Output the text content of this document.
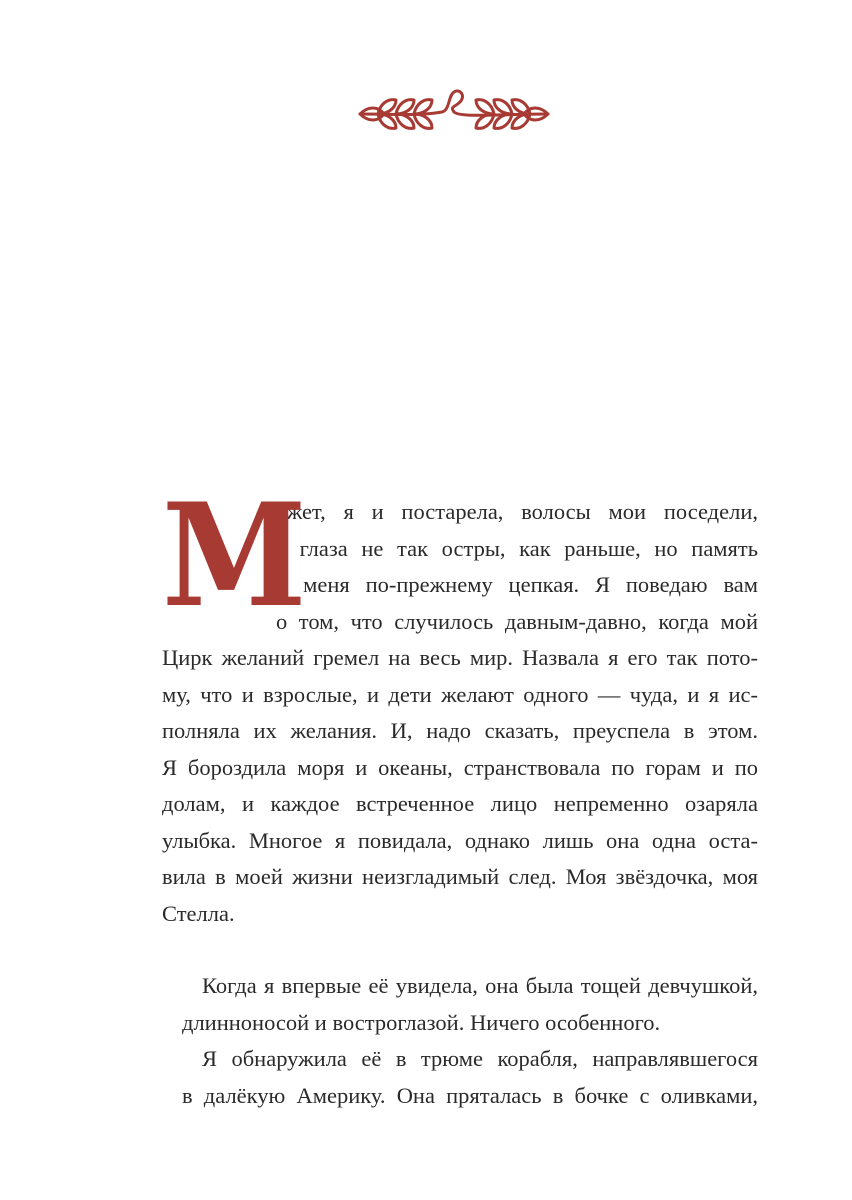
М
ожет, я и постарела, волосы мои поседели,
а глаза не так остры, как раньше, но память
у меня по-прежнему цепкая. Я поведаю вам
о том, что случилось давным-давно, когда мой
Цирк желаний гремел на весь мир. Назвала я его так пото-
му, что и взрослые, и дети желают одного — чуда, и я ис-
полняла их желания. И, надо сказать, преуспела в этом.
Я бороздила моря и океаны, странствовала по горам и по
долам, и каждое встреченное лицо непременно озаряла
улыбка. Многое я повидала, однако лишь она одна оста-
вила в моей жизни неизгладимый след. Моя звёздочка, моя
Стелла.
Когда я впервые её увидела, она была тощей девчушкой,
длинноносой и востроглазой. Ничего особенного.
Я обнаружила её в трюме корабля, направлявшегося
в далёкую Америку. Она пряталась в бочке с оливками,
